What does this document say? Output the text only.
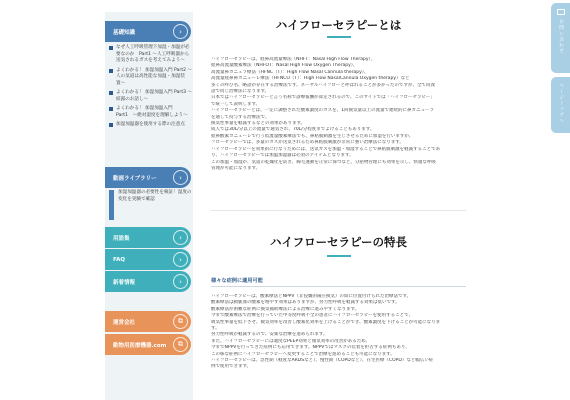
基礎知識	›
なぜ人工呼吸管理下加湿・加温が必要なのか　Part1 〜人工呼吸器から送気されるガスを考えてみよう〜
よくわかる！ 加湿加温入門 Part2 〜人の気道は高性能な加温・加湿装置〜
よくわかる！ 加湿加温入門 Part3 〜結露のお話し〜
よくわかる！ 加湿加温入門 Part1　〜絶対湿度を理解しよう〜
加湿加温器を使用する際の注意点
動画ライブラリー	›
加湿加温器の必要性を検証！湿度の変化を実験で確認
用語集	›
FAQ	›
新着情報	›
運営会社	⧉
動物用医療機器.com	⧉
お問い合わせ
ページトップへ
ハイフローセラピーとは

ハイフローセラピーは、経鼻高流量療法（NHFT：Nasal High Flow Therapy）、

経鼻高流量酸素療法（NHFOT：Nasal High Flow Oxygen Therapy）、

高流量鼻カニュラ療法（HFNC（T）：High Flow Nasal Cannula therapy）、

高流量経鼻鼻カニューレ療法（HFNCO（T）：High Flow NasalCannula Oxygen therapy）など

多くの呼び名、略語が存在する治療法です。ネーザルハイフローと呼ばれることが多かったのですが、全て同義

語で同じ治療法になります。

日本ではハイフローセラピーと言う名称で診療報酬が算定されるので、このサイトでは「ハイフローセラピー」

で統一して説明します。

ハイフローセラピーとは、一定に調整された酸素濃度のガスを、1回換気量以上の流量で連続的に鼻カニューラ

を通して投与する治療法で、

換気性事量を軽減するなどの効果があります。

成人では30L/分以上の流量で通気され、70L/分程度までよけることもあります。

経鼻酸素カニューレで行う低流量酸素療法でも、鼻粘膜刺激を生じさせるために加湿を行いますが、

フローセラピーでは、多量のガスが送気されるため鼻粘膜刺激が非常に強い治療法になります。

ハイフローセラピーを効果的に行なうためには、送気ガスを加温・加湿することで鼻粘膜刺激を軽減することであ

り、ハイフローセラピーでは加温加湿器は必須のアイテムとなります。

この加温・加湿が、気道の乾燥化を防ぎ、線毛運動を正常に保つなど、分泌物管理にも効果を示し、快適な呼吸

管理が可能になります。

ハイフローセラピーの特長
様々な症例に適用可能

ハイフローセラピーは、酸素療法とNPPV（非侵襲的陽圧換気）の間に位置付けられた治療法です。

酸素療法は動脈血の酸素を増やす効果はありますが、努力性呼吸を軽減する効果は低いです。

酸素療法が困難な症例に換気補助療法による治療に進みやすくなります。

今まで酸素療法で治療を行っていた中等度呼吸不全の患者にハイフローセラピーを使用することで、

吸気性事量を低下させ、微気効率を改善し酸素化効率を上げることができ、酸素濃度を下げることが可能になりま

す。

努力性呼吸が軽減するので、安楽な治療を進められます。

また、ハイフローセラピーには適度なPEEP効果と微気効率の改善があるため、

今までNPPVを行ってきた症例にも応用できます。NPPVではマスクの装着を拒否する症例もあり、

この様な症例にハイフローセラピーへ変更することで治療を進めることも可能になります。

ハイフローセラピーは、急性期（軽度なARDSなど）、慢性期（COPDなど）、在宅医療（COPD）など幅広い症

例で使用できます。
